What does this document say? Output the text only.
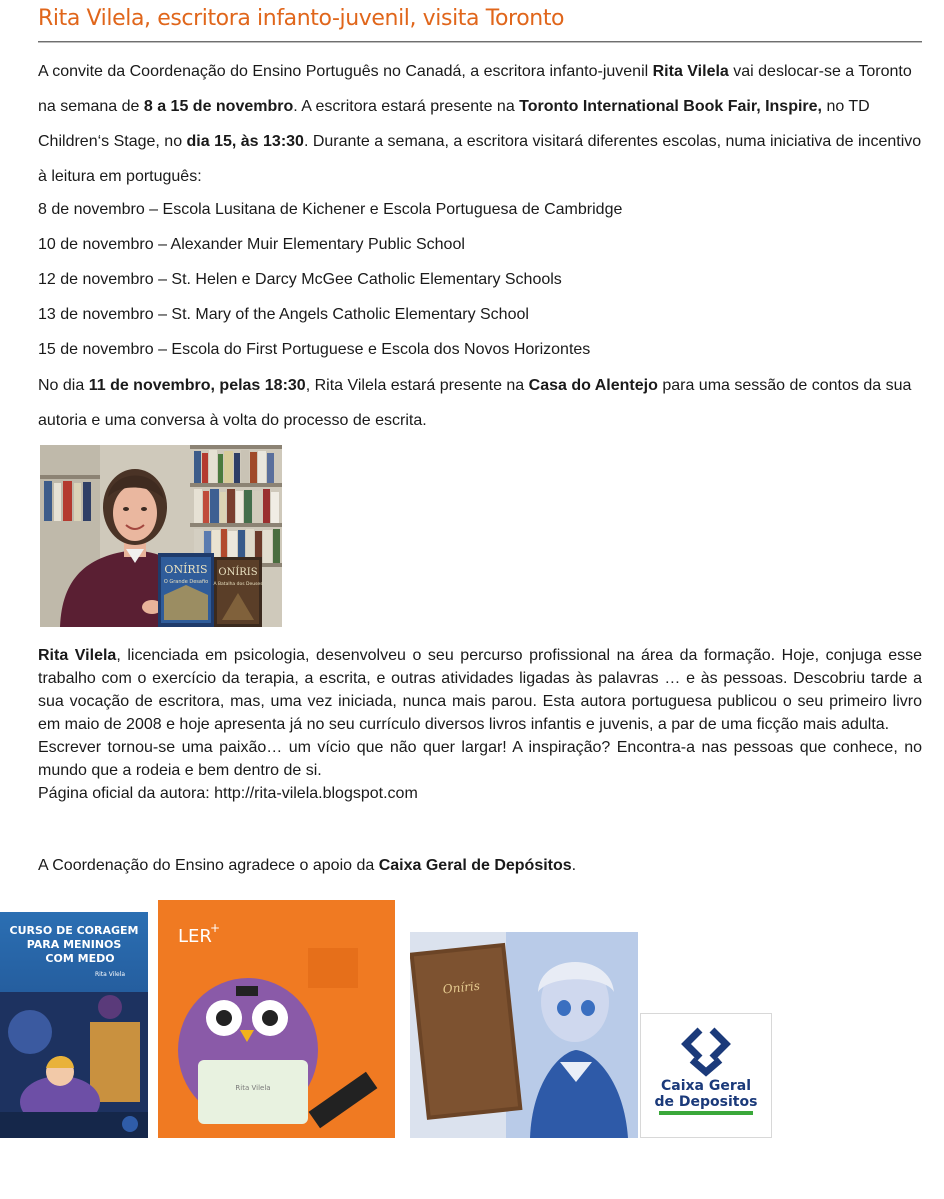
Rita Vilela, escritora infanto-juvenil, visita Toronto

A convite da Coordenação do Ensino Português no Canadá, a escritora infanto-juvenil Rita Vilela vai deslocar-se a Toronto na semana de 8 a 15 de novembro. A escritora estará presente na Toronto International Book Fair, Inspire, no TD Children‘s Stage, no dia 15, às 13:30. Durante a semana, a escritora visitará diferentes escolas, numa iniciativa de incentivo à leitura em português:

8 de novembro – Escola Lusitana de Kichener e Escola Portuguesa de Cambridge
10 de novembro – Alexander Muir Elementary Public School
12 de novembro – St. Helen e Darcy McGee Catholic Elementary Schools
13 de novembro – St. Mary of the Angels Catholic Elementary School
15 de novembro – Escola do First Portuguese e Escola dos Novos Horizontes

No dia 11 de novembro, pelas 18:30, Rita Vilela estará presente na Casa do Alentejo para uma sessão de contos da sua autoria e uma conversa à volta do processo de escrita.

ONÍRIS
O Grande Desafio
ONÍRIS
A Batalha dos Deuses

Rita Vilela, licenciada em psicologia, desenvolveu o seu percurso profissional na área da formação. Hoje, conjuga esse trabalho com o exercício da terapia, a escrita, e outras atividades ligadas às palavras … e às pessoas. Descobriu tarde a sua vocação de escritora, mas, uma vez iniciada, nunca mais parou. Esta autora portuguesa publicou o seu primeiro livro em maio de 2008 e hoje apresenta já no seu currículo diversos livros infantis e juvenis, a par de uma ficção mais adulta.

Escrever tornou-se uma paixão… um vício que não quer largar! A inspiração? Encontra-a nas pessoas que conhece, no mundo que a rodeia e bem dentro de si.

Página oficial da autora: http://rita-vilela.blogspot.com

A Coordenação do Ensino agradece o apoio da Caixa Geral de Depósitos.

CURSO DE CORAGEM
PARA MENINOS
COM MEDO
Rita Vilela
LER
+
Rita Vilela
Oníris
Caixa Geral
de Depositos
